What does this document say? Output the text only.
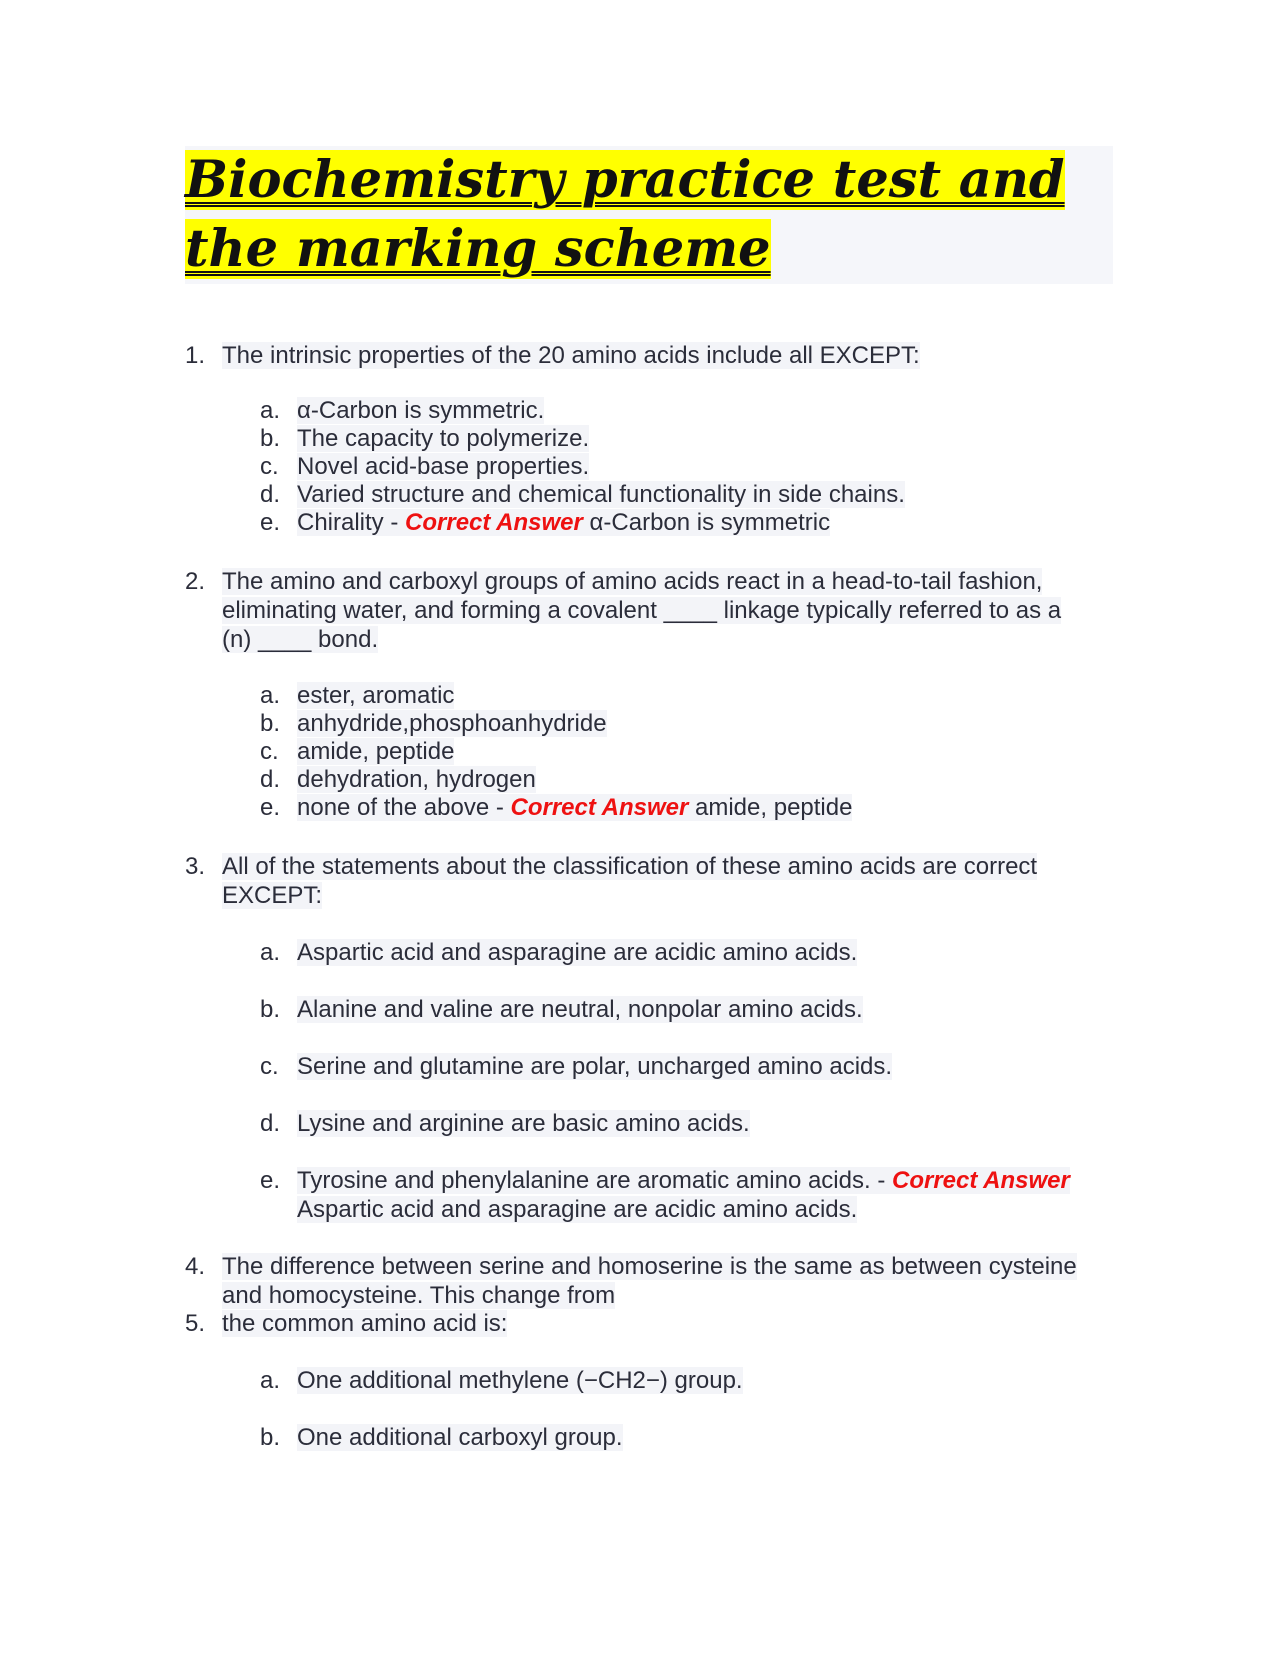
Biochemistry practice test and the marking scheme
1. The intrinsic properties of the 20 amino acids include all EXCEPT:
a. α-Carbon is symmetric.
b. The capacity to polymerize.
c. Novel acid-base properties.
d. Varied structure and chemical functionality in side chains.
e. Chirality - Correct Answer α-Carbon is symmetric
2. The amino and carboxyl groups of amino acids react in a head-to-tail fashion,
eliminating water, and forming a covalent ____ linkage typically referred to as a
(n) ____ bond.
a. ester, aromatic
b. anhydride,phosphoanhydride
c. amide, peptide
d. dehydration, hydrogen
e. none of the above - Correct Answer amide, peptide
3. All of the statements about the classification of these amino acids are correct
EXCEPT:
a. Aspartic acid and asparagine are acidic amino acids.
b. Alanine and valine are neutral, nonpolar amino acids.
c. Serine and glutamine are polar, uncharged amino acids.
d. Lysine and arginine are basic amino acids.
e. Tyrosine and phenylalanine are aromatic amino acids. - Correct Answer
Aspartic acid and asparagine are acidic amino acids.
4. The difference between serine and homoserine is the same as between cysteine
and homocysteine. This change from
5. the common amino acid is:
a. One additional methylene (−CH2−) group.
b. One additional carboxyl group.
